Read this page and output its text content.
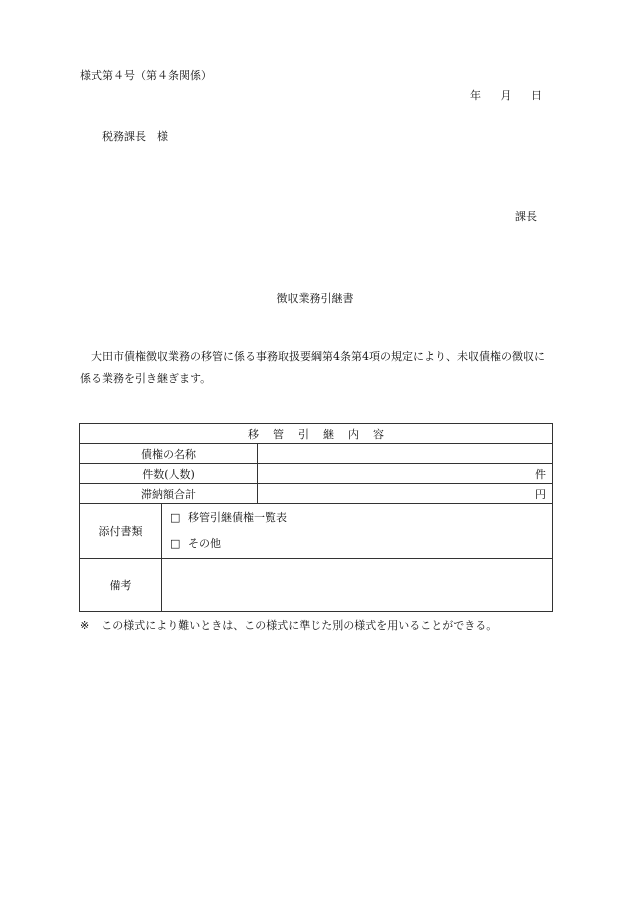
様式第４号（第４条関係）
年 月 日
税務課長　様
課長
徴収業務引継書
大田市債権徴収業務の移管に係る事務取扱要綱第4条第4項の規定により、未収債権の徴収に係る業務を引き継ぎます。
移 管 引 継 内 容		
債権の名称		
件数(人数)		件
滞納額合計		円
添付書類	□ 移管引継債権一覧表
□ その他	

備考		
※ この様式により難いときは、この様式に準じた別の様式を用いることができる。
